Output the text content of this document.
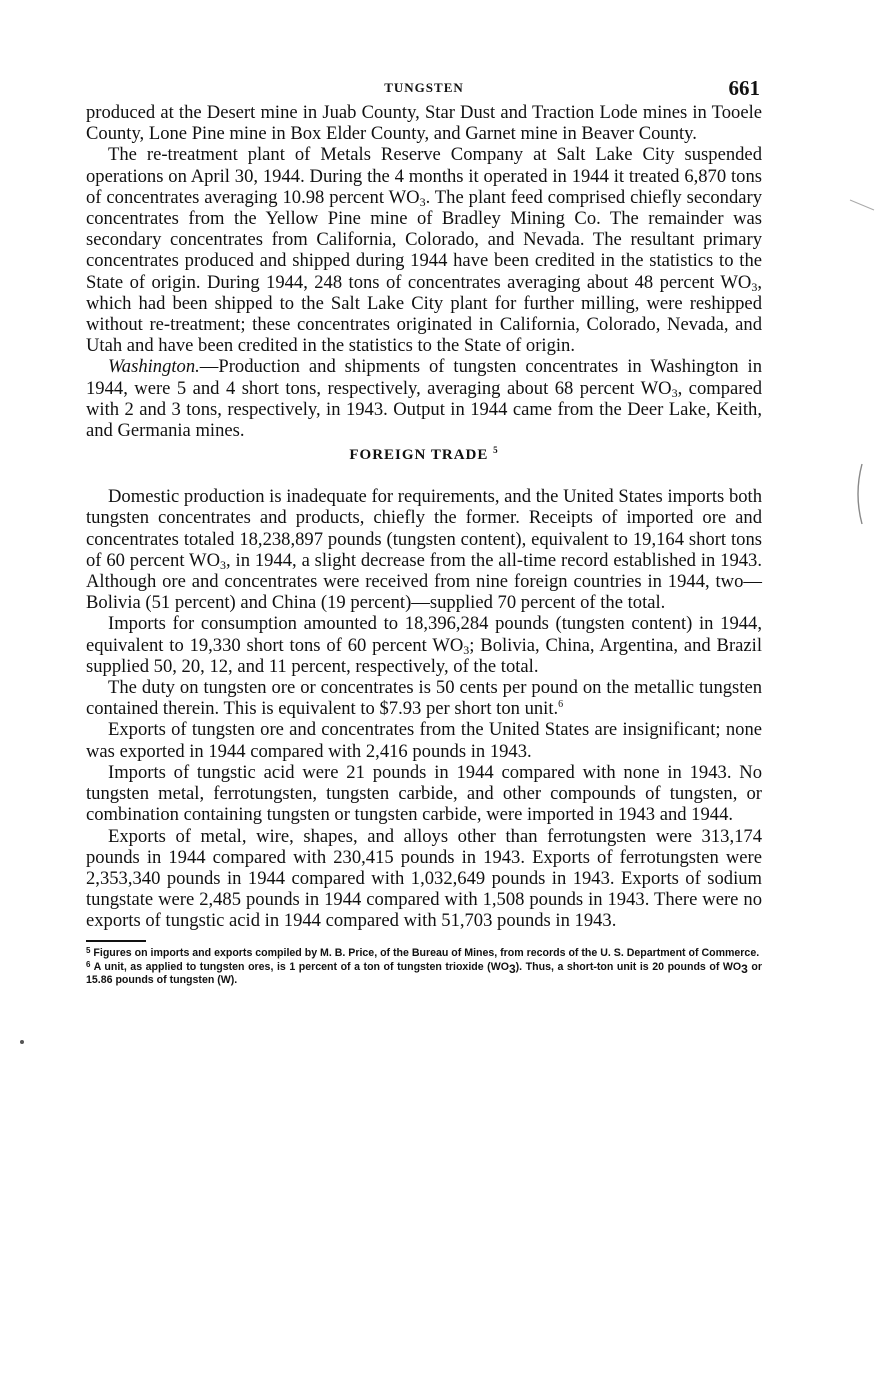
TUNGSTEN	661

produced at the Desert mine in Juab County, Star Dust and Traction Lode mines in Tooele County, Lone Pine mine in Box Elder County, and Garnet mine in Beaver County.

The re-treatment plant of Metals Reserve Company at Salt Lake City suspended operations on April 30, 1944. During the 4 months it operated in 1944 it treated 6,870 tons of concentrates averaging 10.98 percent $WO_3$. The plant feed comprised chiefly secondary concentrates from the Yellow Pine mine of Bradley Mining Co. The remainder was secondary concentrates from California, Colorado, and Nevada. The resultant primary concentrates produced and shipped during 1944 have been credited in the statistics to the State of origin. During 1944, 248 tons of concentrates averaging about 48 percent $WO_3$, which had been shipped to the Salt Lake City plant for further milling, were reshipped without re-treatment; these concentrates originated in California, Colorado, Nevada, and Utah and have been credited in the statistics to the State of origin.

Washington.—Production and shipments of tungsten concentrates in Washington in 1944, were 5 and 4 short tons, respectively, averaging about 68 percent $WO_3$, compared with 2 and 3 tons, respectively, in 1943. Output in 1944 came from the Deer Lake, Keith, and Germania mines.

FOREIGN TRADE $^5$

Domestic production is inadequate for requirements, and the United States imports both tungsten concentrates and products, chiefly the former. Receipts of imported ore and concentrates totaled 18,238,897 pounds (tungsten content), equivalent to 19,164 short tons of 60 percent $WO_3$, in 1944, a slight decrease from the all-time record established in 1943. Although ore and concentrates were received from nine foreign countries in 1944, two—Bolivia (51 percent) and China (19 percent)—supplied 70 percent of the total.

Imports for consumption amounted to 18,396,284 pounds (tungsten content) in 1944, equivalent to 19,330 short tons of 60 percent $WO_3$; Bolivia, China, Argentina, and Brazil supplied 50, 20, 12, and 11 percent, respectively, of the total.

The duty on tungsten ore or concentrates is 50 cents per pound on the metallic tungsten contained therein. This is equivalent to $7.93 per short ton unit.$^6$

Exports of tungsten ore and concentrates from the United States are insignificant; none was exported in 1944 compared with 2,416 pounds in 1943.

Imports of tungstic acid were 21 pounds in 1944 compared with none in 1943. No tungsten metal, ferrotungsten, tungsten carbide, and other compounds of tungsten, or combination containing tungsten or tungsten carbide, were imported in 1943 and 1944.

Exports of metal, wire, shapes, and alloys other than ferrotungsten were 313,174 pounds in 1944 compared with 230,415 pounds in 1943. Exports of ferrotungsten were 2,353,340 pounds in 1944 compared with 1,032,649 pounds in 1943. Exports of sodium tungstate were 2,485 pounds in 1944 compared with 1,508 pounds in 1943. There were no exports of tungstic acid in 1944 compared with 51,703 pounds in 1943.

$^5$ Figures on imports and exports compiled by M. B. Price, of the Bureau of Mines, from records of the U. S. Department of Commerce.
$^6$ A unit, as applied to tungsten ores, is 1 percent of a ton of tungsten trioxide $(WO_3)$. Thus, a short-ton unit is 20 pounds of $WO_3$ or 15.86 pounds of tungsten (W).
